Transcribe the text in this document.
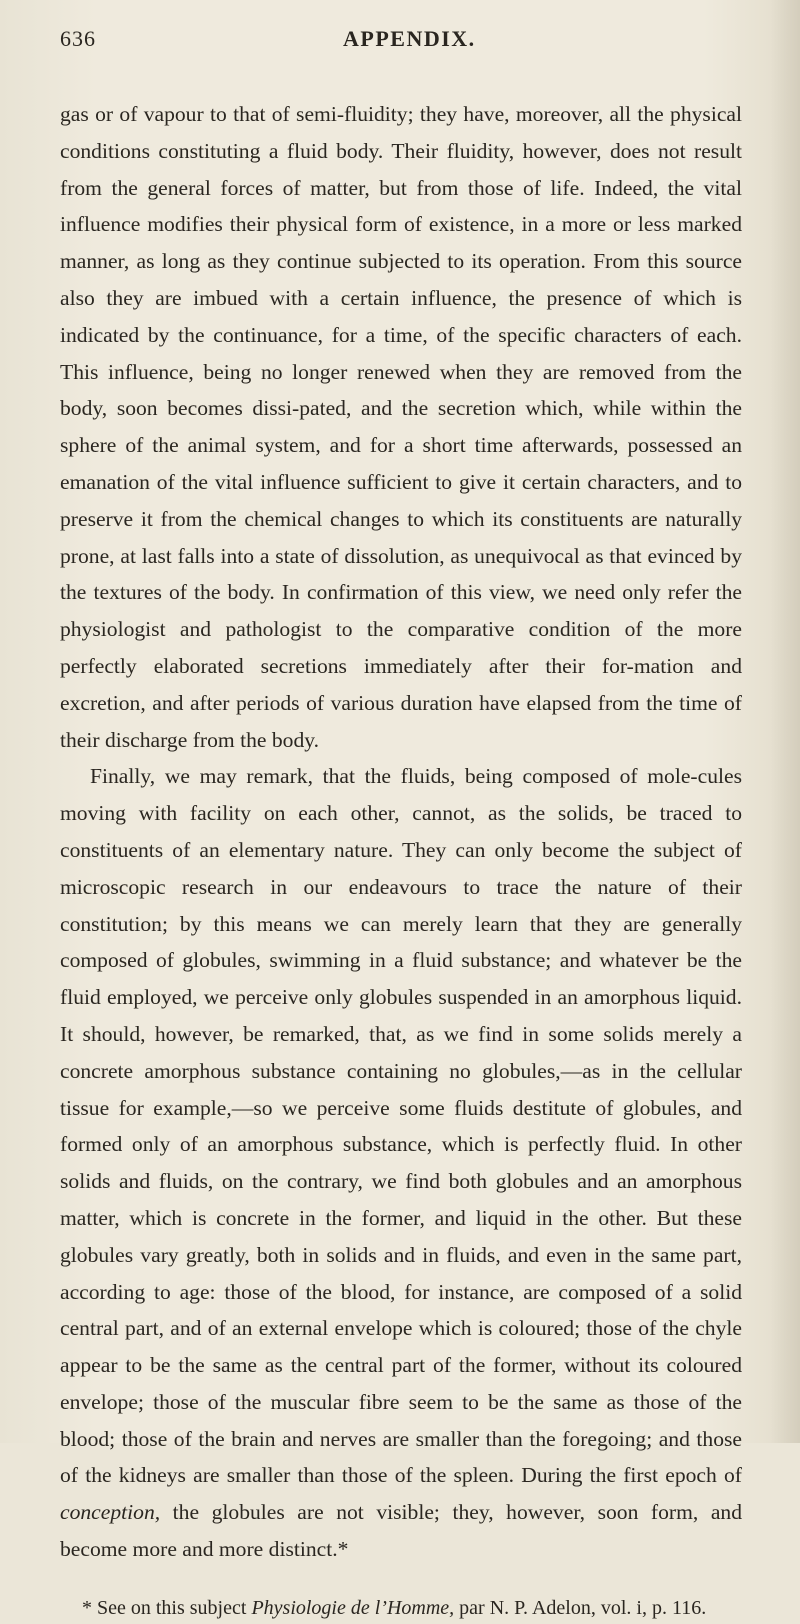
636	APPENDIX.

gas or of vapour to that of semi-fluidity; they have, moreover, all the physical conditions constituting a fluid body. Their fluidity, however, does not result from the general forces of matter, but from those of life. Indeed, the vital influence modifies their physical form of existence, in a more or less marked manner, as long as they continue subjected to its operation. From this source also they are imbued with a certain influence, the presence of which is indicated by the continuance, for a time, of the specific characters of each. This influence, being no longer renewed when they are removed from the body, soon becomes dissi-pated, and the secretion which, while within the sphere of the animal system, and for a short time afterwards, possessed an emanation of the vital influence sufficient to give it certain characters, and to preserve it from the chemical changes to which its constituents are naturally prone, at last falls into a state of dissolution, as unequivocal as that evinced by the textures of the body. In confirmation of this view, we need only refer the physiologist and pathologist to the comparative condition of the more perfectly elaborated secretions immediately after their for-mation and excretion, and after periods of various duration have elapsed from the time of their discharge from the body.

Finally, we may remark, that the fluids, being composed of mole-cules moving with facility on each other, cannot, as the solids, be traced to constituents of an elementary nature. They can only become the subject of microscopic research in our endeavours to trace the nature of their constitution; by this means we can merely learn that they are generally composed of globules, swimming in a fluid substance; and whatever be the fluid employed, we perceive only globules suspended in an amorphous liquid. It should, however, be remarked, that, as we find in some solids merely a concrete amorphous substance containing no globules,—as in the cellular tissue for example,—so we perceive some fluids destitute of globules, and formed only of an amorphous substance, which is perfectly fluid. In other solids and fluids, on the contrary, we find both globules and an amorphous matter, which is concrete in the former, and liquid in the other. But these globules vary greatly, both in solids and in fluids, and even in the same part, according to age: those of the blood, for instance, are composed of a solid central part, and of an external envelope which is coloured; those of the chyle appear to be the same as the central part of the former, without its coloured envelope; those of the muscular fibre seem to be the same as those of the blood; those of the brain and nerves are smaller than the foregoing; and those of the kidneys are smaller than those of the spleen. During the first epoch of conception, the globules are not visible; they, however, soon form, and become more and more distinct.*

* See on this subject Physiologie de l’Homme, par N. P. Adelon, vol. i, p. 116.
